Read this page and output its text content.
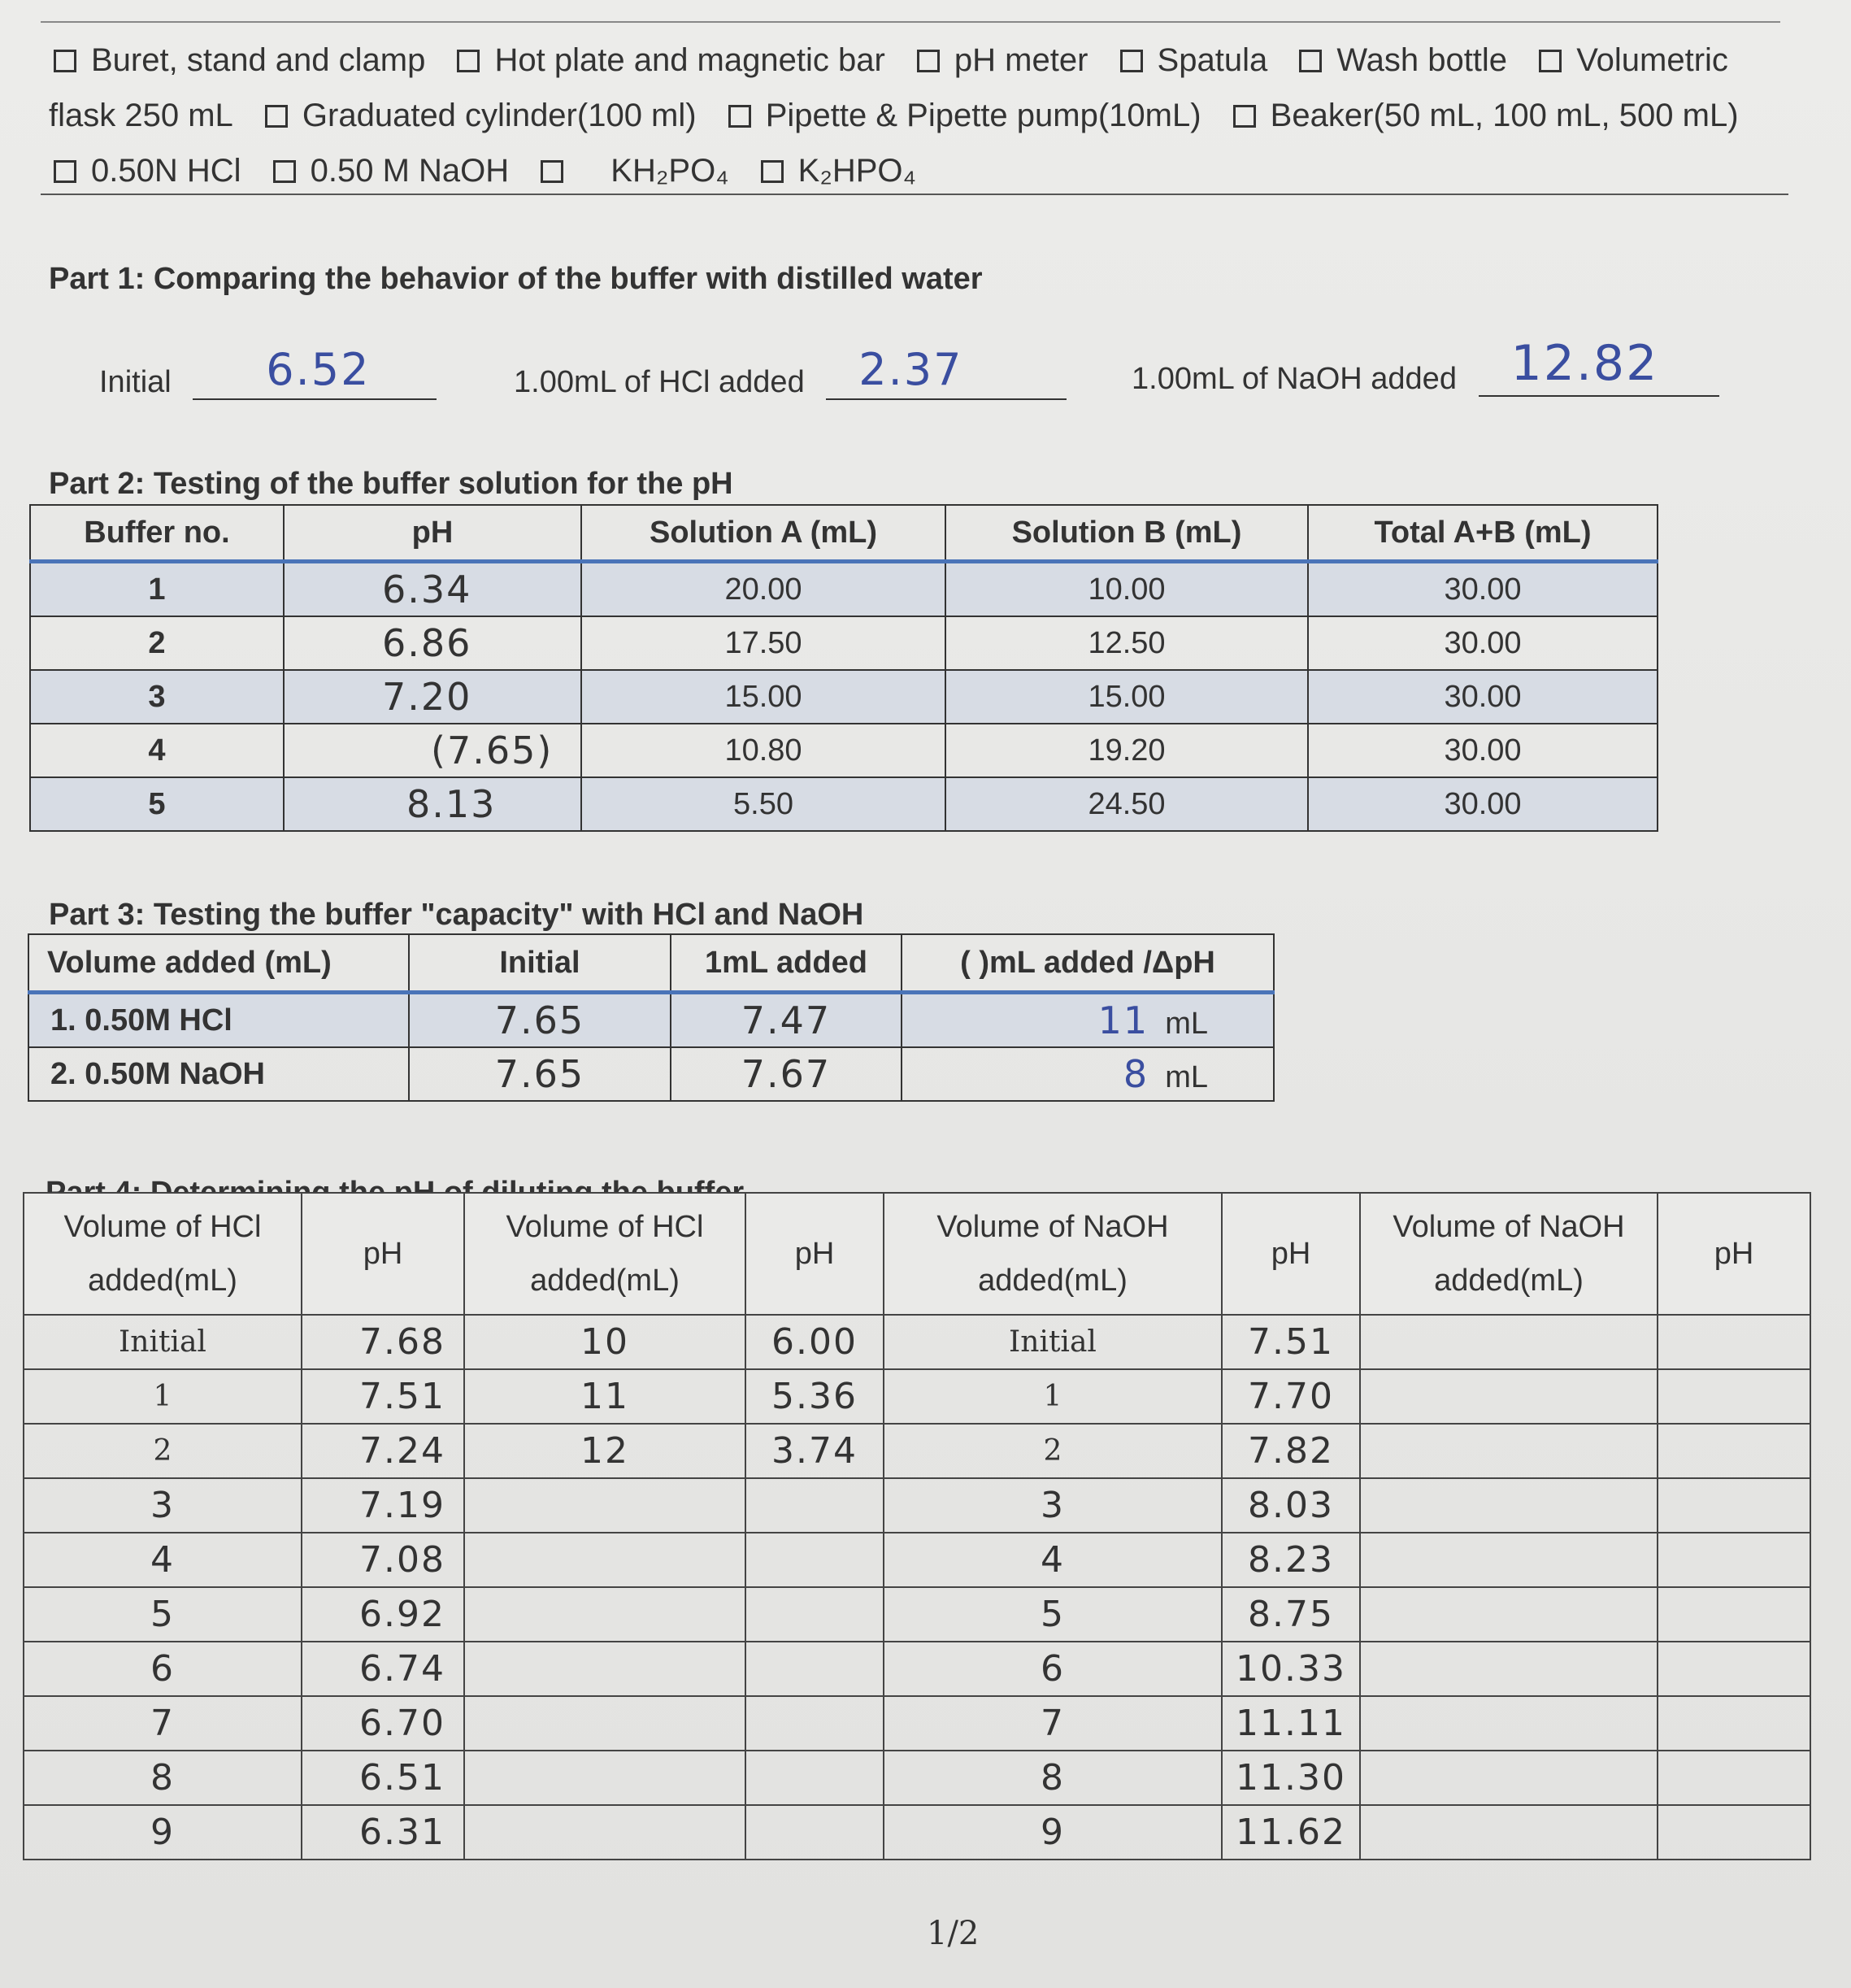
Buret, stand and clamp Hot plate and magnetic bar pH meter Spatula Wash bottle Volumetric
flask 250 mL Graduated cylinder(100 ml) Pipette & Pipette pump(10mL) Beaker(50 mL, 100 mL, 500 mL)
0.50N HCl 0.50 M NaOH	KH₂PO₄ K₂HPO₄
Part 1: Comparing the behavior of the buffer with distilled water
Initial 6.52	1.00mL of HCl added 2.37	1.00mL of NaOH added 12.82
Part 2: Testing of the buffer solution for the pH
Buffer no.	pH	Solution A (mL)	Solution B (mL)	Total A+B (mL)
1	6.34	20.00	10.00	30.00
2	6.86	17.50	12.50	30.00
3	7.20	15.00	15.00	30.00
4	(7.65)	10.80	19.20	30.00
5	8.13	5.50	24.50	30.00
Part 3: Testing the buffer "capacity" with HCl and NaOH
Volume added (mL)	Initial	1mL added	( )mL added /ΔpH
1. 0.50M HCl	7.65	7.47	11 mL
2. 0.50M NaOH	7.65	7.67	8 mL
Volume of HCl added(mL)	pH	Volume of HCl added(mL)	pH	Volume of NaOH added(mL)	pH	Volume of NaOH added(mL)	pH
Initial	7.68	10	6.00	Initial	7.51		
1	7.51	11	5.36	1	7.70		
2	7.24	12	3.74	2	7.82		
3	7.19			3	8.03		
4	7.08			4	8.23		
5	6.92			5	8.75		
6	6.74			6	10.33		
7	6.70			7	11.11		
8	6.51			8	11.30		
9	6.31			9	11.62		
1/2
